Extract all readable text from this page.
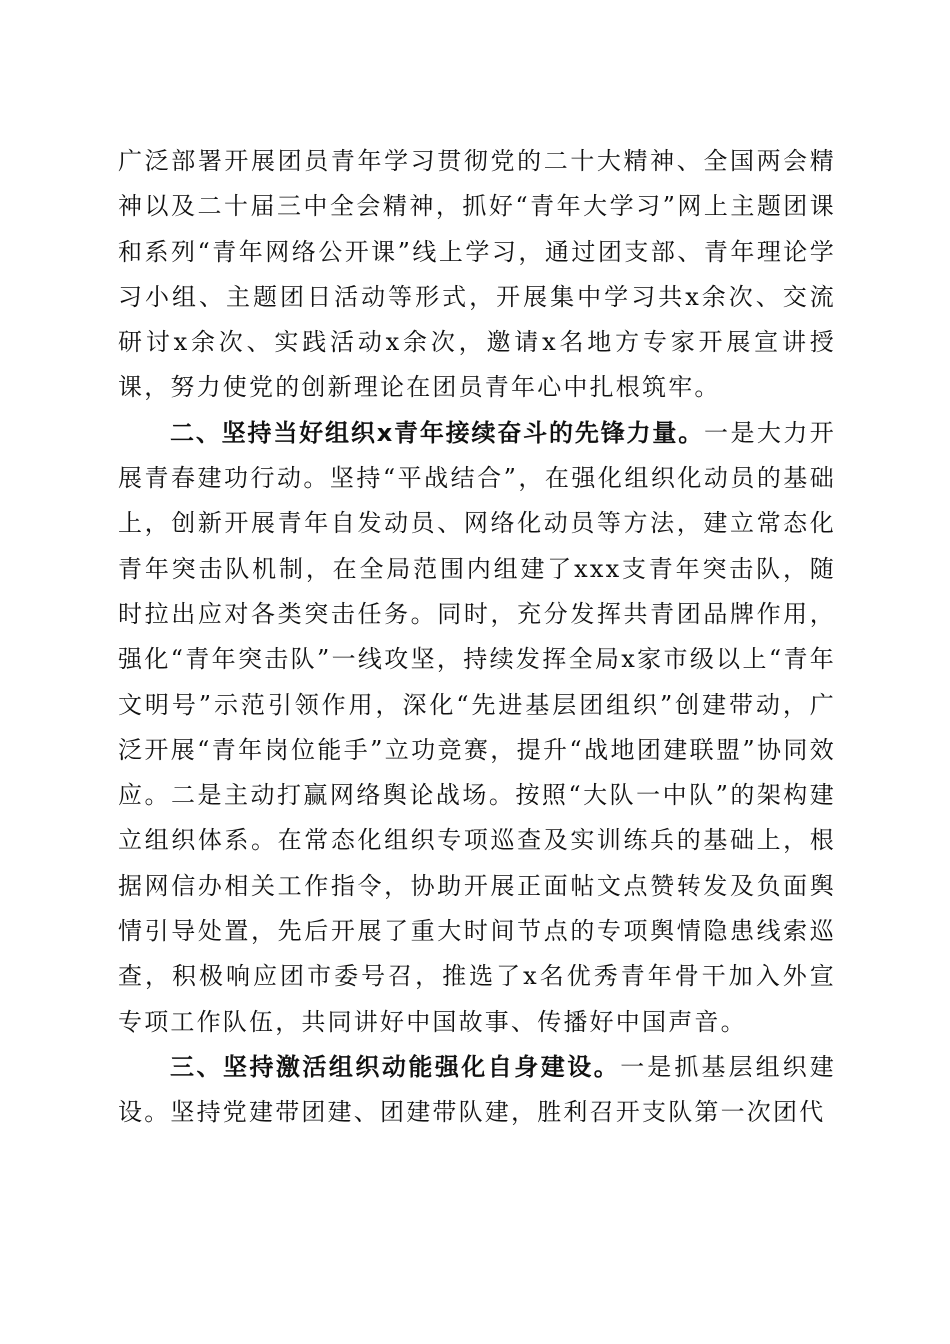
广泛部署开展团员青年学习贯彻党的二十大精神、全国两会精神以及二十届三中全会精神，抓好“青年大学习”网上主题团课和系列“青年网络公开课”线上学习，通过团支部、青年理论学习小组、主题团日活动等形式，开展集中学习共x余次、交流研讨x余次、实践活动x余次，邀请x名地方专家开展宣讲授课，努力使党的创新理论在团员青年心中扎根筑牢。

二、坚持当好组织x青年接续奋斗的先锋力量。一是大力开展青春建功行动。坚持“平战结合”，在强化组织化动员的基础上，创新开展青年自发动员、网络化动员等方法，建立常态化青年突击队机制，在全局范围内组建了xxx支青年突击队，随时拉出应对各类突击任务。同时，充分发挥共青团品牌作用，强化“青年突击队”一线攻坚，持续发挥全局x家市级以上“青年文明号”示范引领作用，深化“先进基层团组织”创建带动，广泛开展“青年岗位能手”立功竞赛，提升“战地团建联盟”协同效应。二是主动打赢网络舆论战场。按照“大队一中队”的架构建立组织体系。在常态化组织专项巡查及实训练兵的基础上，根据网信办相关工作指令，协助开展正面帖文点赞转发及负面舆情引导处置，先后开展了重大时间节点的专项舆情隐患线索巡查，积极响应团市委号召，推选了x名优秀青年骨干加入外宣专项工作队伍，共同讲好中国故事、传播好中国声音。

三、坚持激活组织动能强化自身建设。一是抓基层组织建设。坚持党建带团建、团建带队建，胜利召开支队第一次团代
